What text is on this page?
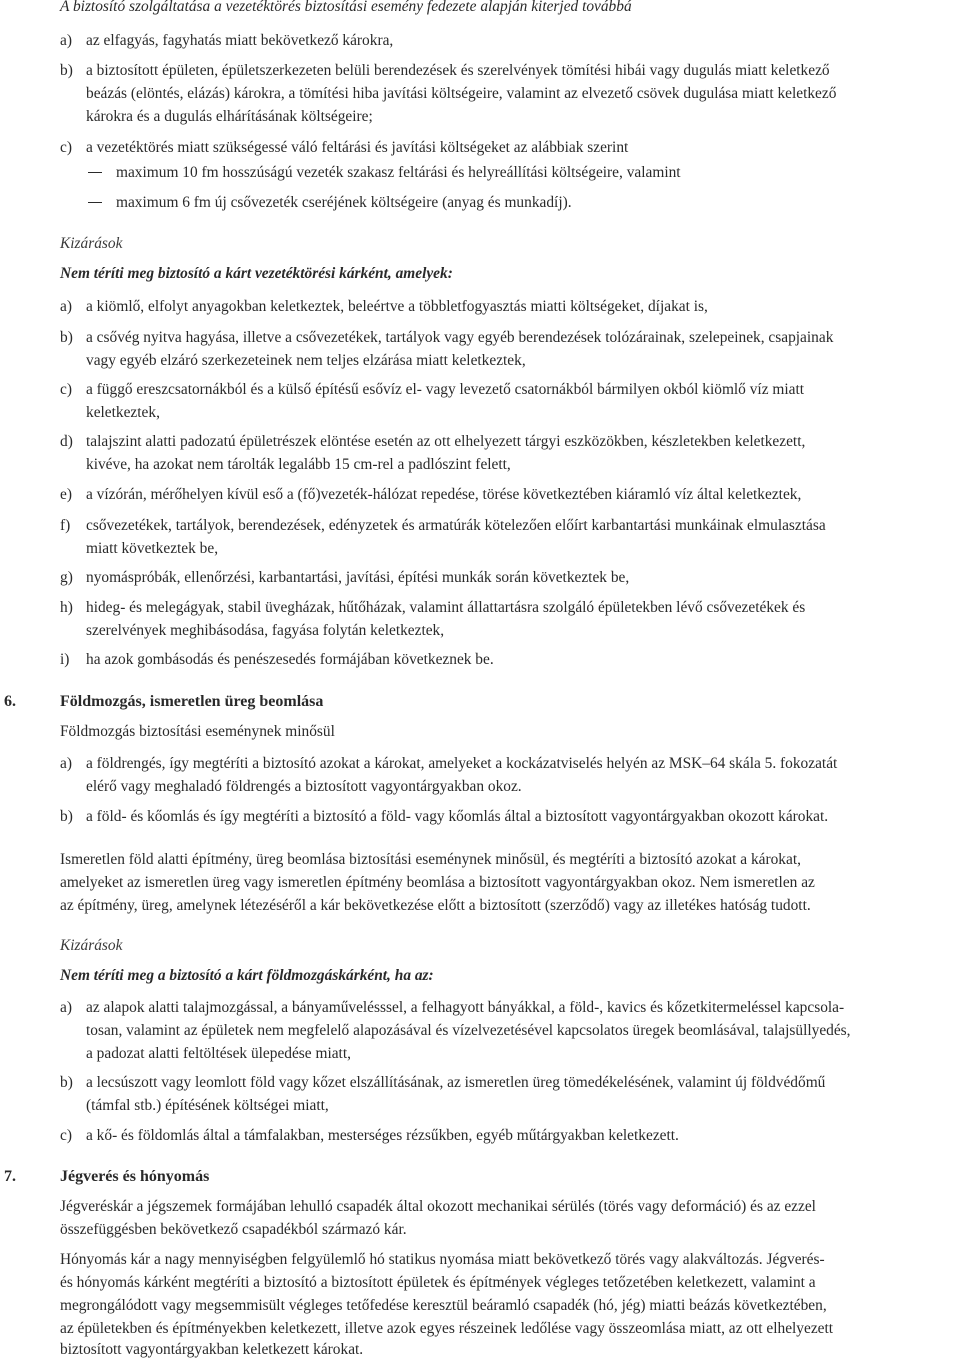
A biztosító szolgáltatása a vezetéktörés biztosítási esemény fedezete alapján kiterjed továbbá
a) az elfagyás, fagyhatás miatt bekövetkező károkra,
b) a biztosított épületen, épületszerkezeten belüli berendezések és szerelvények tömítési hibái vagy dugulás miatt keletkező
beázás (elöntés, elázás) károkra, a tömítési hiba javítási költségeire, valamint az elvezető csövek dugulása miatt keletkező
károkra és a dugulás elhárításának költségeire;
c) a vezetéktörés miatt szükségessé váló feltárási és javítási költségeket az alábbiak szerint
maximum 10 fm hosszúságú vezeték szakasz feltárási és helyreállítási költségeire, valamint
maximum 6 fm új csővezeték cseréjének költségeire (anyag és munkadíj).
Kizárások
Nem téríti meg biztosító a kárt vezetéktörési kárként, amelyek:
a) a kiömlő, elfolyt anyagokban keletkeztek, beleértve a többletfogyasztás miatti költségeket, díjakat is,
b) a csővég nyitva hagyása, illetve a csővezetékek, tartályok vagy egyéb berendezések tolózárainak, szelepeinek, csapjainak
vagy egyéb elzáró szerkezeteinek nem teljes elzárása miatt keletkeztek,
c) a függő ereszcsatornákból és a külső építésű esővíz el- vagy levezető csatornákból bármilyen okból kiömlő víz miatt
keletkeztek,
d) talajszint alatti padozatú épületrészek elöntése esetén az ott elhelyezett tárgyi eszközökben, készletekben keletkezett,
kivéve, ha azokat nem tárolták legalább 15 cm-rel a padlószint felett,
e) a vízórán, mérőhelyen kívül eső a (fő)vezeték-hálózat repedése, törése következtében kiáramló víz által keletkeztek,
f) csővezetékek, tartályok, berendezések, edényzetek és armatúrák kötelezően előírt karbantartási munkáinak elmulasztása
miatt következtek be,
g) nyomáspróbák, ellenőrzési, karbantartási, javítási, építési munkák során következtek be,
h) hideg- és melegágyak, stabil üvegházak, hűtőházak, valamint állattartásra szolgáló épületekben lévő csővezetékek és
szerelvények meghibásodása, fagyása folytán keletkeztek,
i) ha azok gombásodás és penészesedés formájában következnek be.
6.	Földmozgás, ismeretlen üreg beomlása
Földmozgás biztosítási eseménynek minősül
a) a földrengés, így megtéríti a biztosító azokat a károkat, amelyeket a kockázatviselés helyén az MSK–64 skála 5. fokozatát
elérő vagy meghaladó földrengés a biztosított vagyontárgyakban okoz.
b) a föld- és kőomlás és így megtéríti a biztosító a föld- vagy kőomlás által a biztosított vagyontárgyakban okozott károkat.
Ismeretlen föld alatti építmény, üreg beomlása biztosítási eseménynek minősül, és megtéríti a biztosító azokat a károkat,
amelyeket az ismeretlen üreg vagy ismeretlen építmény beomlása a biztosított vagyontárgyakban okoz. Nem ismeretlen az
az építmény, üreg, amelynek létezéséről a kár bekövetkezése előtt a biztosított (szerződő) vagy az illetékes hatóság tudott.
Kizárások
Nem téríti meg a biztosító a kárt földmozgáskárként, ha az:
a) az alapok alatti talajmozgással, a bányaművelésssel, a felhagyott bányákkal, a föld-, kavics és kőzetkitermeléssel kapcsola-
tosan, valamint az épületek nem megfelelő alapozásával és vízelvezetésével kapcsolatos üregek beomlásával, talajsüllyedés,
a padozat alatti feltöltések ülepedése miatt,
b) a lecsúszott vagy leomlott föld vagy kőzet elszállításának, az ismeretlen üreg tömedékelésének, valamint új földvédőmű
(támfal stb.) építésének költségei miatt,
c) a kő- és földomlás által a támfalakban, mesterséges rézsűkben, egyéb műtárgyakban keletkezett.
7.	Jégverés és hónyomás
Jégveréskár a jégszemek formájában lehulló csapadék által okozott mechanikai sérülés (törés vagy deformáció) és az ezzel
összefüggésben bekövetkező csapadékból származó kár.
Hónyomás kár a nagy mennyiségben felgyülemlő hó statikus nyomása miatt bekövetkező törés vagy alakváltozás. Jégverés-
és hónyomás kárként megtéríti a biztosító a biztosított épületek és építmények végleges tetőzetében keletkezett, valamint a
megrongálódott vagy megsemmisült végleges tetőfedése keresztül beáramló csapadék (hó, jég) miatti beázás következtében,
az épületekben és építményekben keletkezett, illetve azok egyes részeinek ledőlése vagy összeomlása miatt, az ott elhelyezett
biztosított vagyontárgyakban keletkezett károkat.
